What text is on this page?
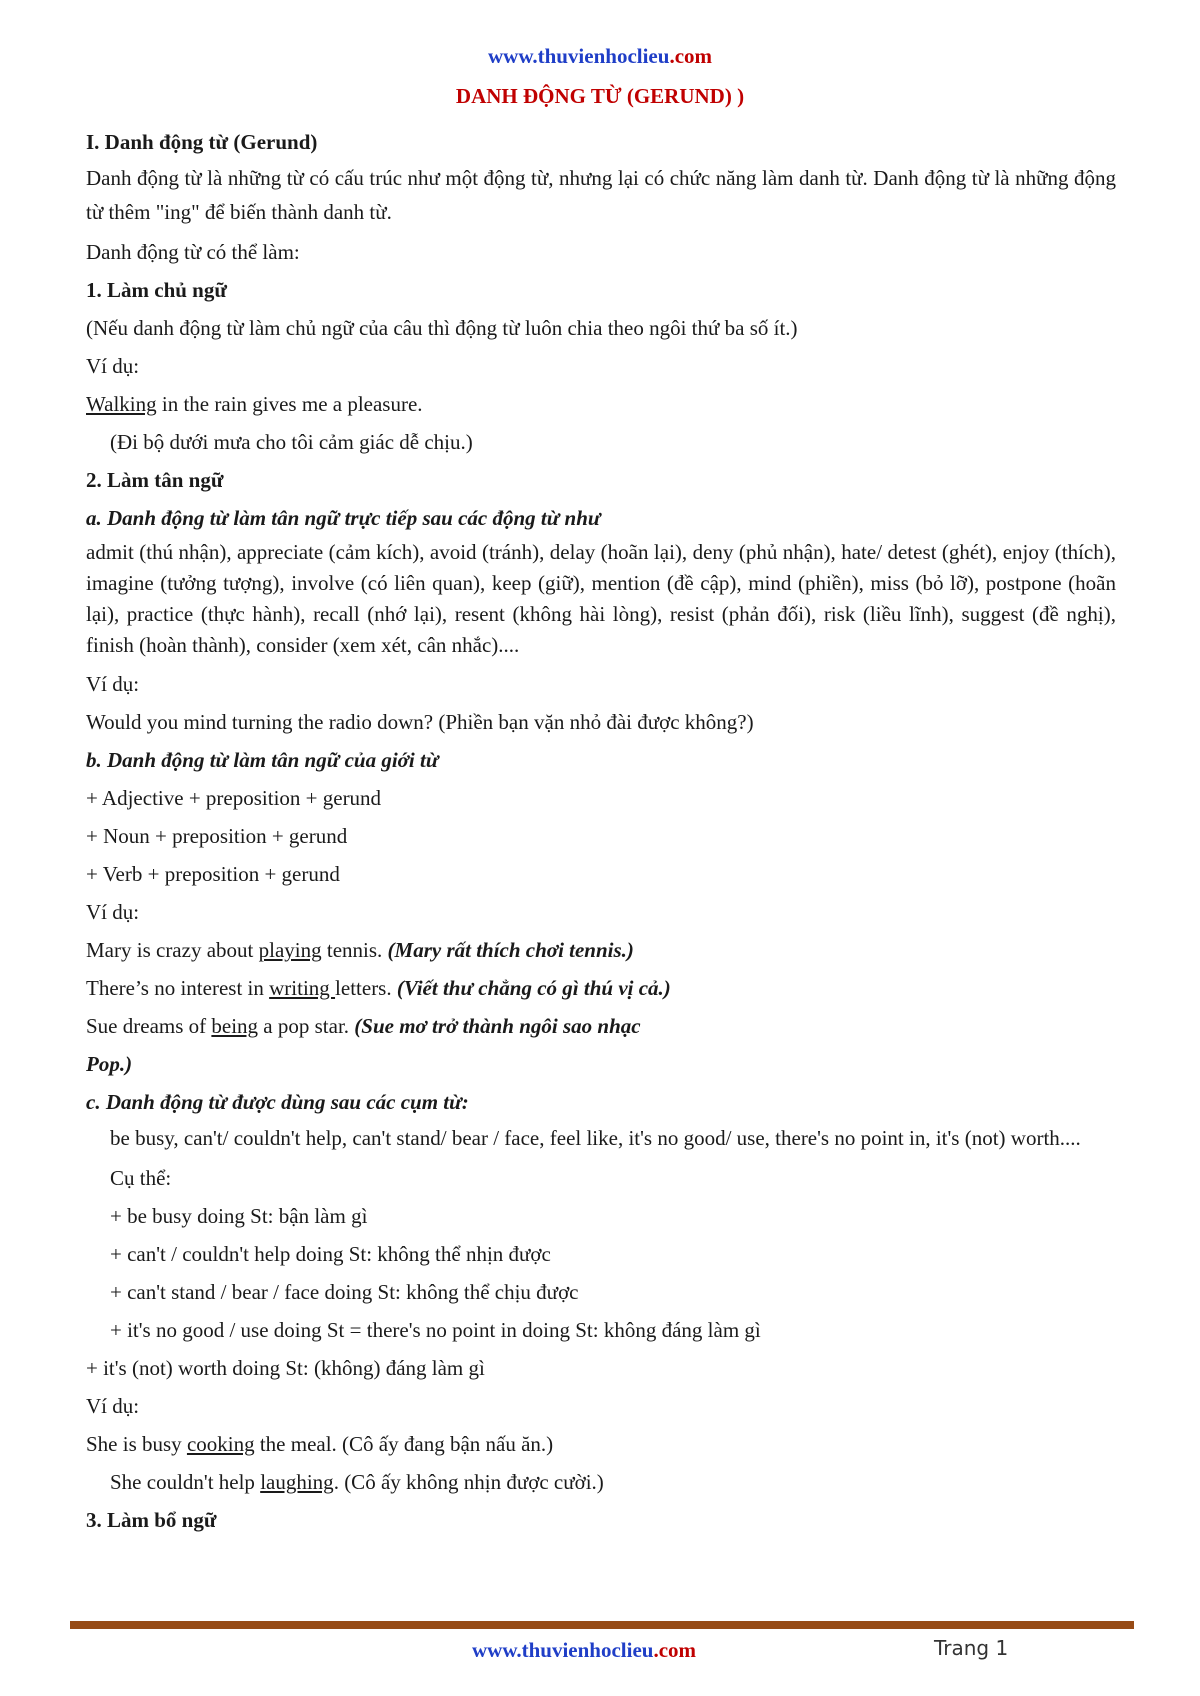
www.thuvienhoclieu.com
DANH ĐỘNG TỪ (GERUND) )
I. Danh động từ (Gerund)
Danh động từ là những từ có cấu trúc như một động từ, nhưng lại có chức năng làm danh từ. Danh động từ là những động từ thêm "ing" để biến thành danh từ.
Danh động từ có thể làm:
1. Làm chủ ngữ
(Nếu danh động từ làm chủ ngữ của câu thì động từ luôn chia theo ngôi thứ ba số ít.)
Ví dụ:
Walking in the rain gives me a pleasure.
(Đi bộ dưới mưa cho tôi cảm giác dễ chịu.)
2. Làm tân ngữ
a. Danh động từ làm tân ngữ trực tiếp sau các động từ như
admit (thú nhận), appreciate (cảm kích), avoid (tránh), delay (hoãn lại), deny (phủ nhận), hate/ detest (ghét), enjoy (thích), imagine (tưởng tượng), involve (có liên quan), keep (giữ), mention (đề cập), mind (phiền), miss (bỏ lỡ), postpone (hoãn lại), practice (thực hành), recall (nhớ lại), resent (không hài lòng), resist (phản đối), risk (liều lĩnh), suggest (đề nghị), finish (hoàn thành), consider (xem xét, cân nhắc)....
Ví dụ:
Would you mind turning the radio down? (Phiền bạn vặn nhỏ đài được không?)
b. Danh động từ làm tân ngữ của giới từ
+ Adjective + preposition + gerund
+ Noun + preposition + gerund
+ Verb + preposition + gerund
Ví dụ:
Mary is crazy about playing tennis. (Mary rất thích chơi tennis.)
There’s no interest in writing letters. (Viết thư chẳng có gì thú vị cả.)
Sue dreams of being a pop star. (Sue mơ trở thành ngôi sao nhạc
Pop.)
c. Danh động từ được dùng sau các cụm từ:
be busy, can't/ couldn't help, can't stand/ bear / face, feel like, it's no good/ use, there's no point in, it's (not) worth....
Cụ thể:
+ be busy doing St: bận làm gì
+ can't / couldn't help doing St: không thể nhịn được
+ can't stand / bear / face doing St: không thể chịu được
+ it's no good / use doing St = there's no point in doing St: không đáng làm gì
+ it's (not) worth doing St: (không) đáng làm gì
Ví dụ:
She is busy cooking the meal. (Cô ấy đang bận nấu ăn.)
She couldn't help laughing. (Cô ấy không nhịn được cười.)
3. Làm bổ ngữ
www.thuvienhoclieu.com	Trang 1
